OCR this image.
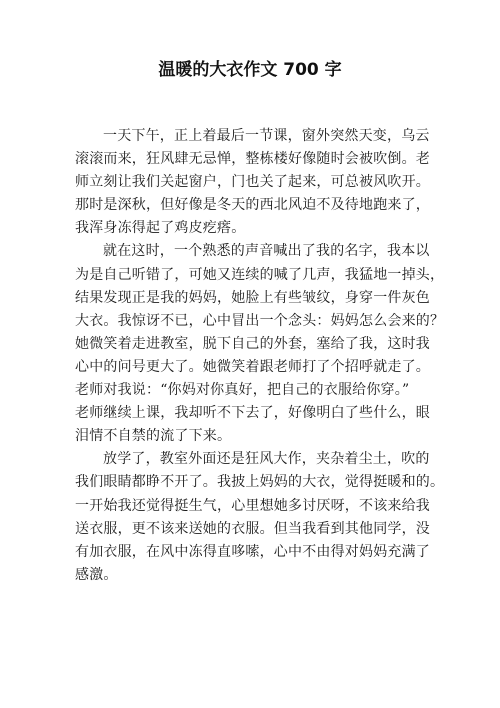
温暖的大衣作文 700 字
一天下午，正上着最后一节课，窗外突然天变，乌云
滚滚而来，狂风肆无忌惮，整栋楼好像随时会被吹倒。老
师立刻让我们关起窗户，门也关了起来，可总被风吹开。
那时是深秋，但好像是冬天的西北风迫不及待地跑来了，
我浑身冻得起了鸡皮疙瘩。
就在这时，一个熟悉的声音喊出了我的名字，我本以
为是自己听错了，可她又连续的喊了几声，我猛地一掉头，
结果发现正是我的妈妈，她脸上有些皱纹，身穿一件灰色
大衣。我惊讶不已，心中冒出一个念头：妈妈怎么会来的？
她微笑着走进教室，脱下自己的外套，塞给了我，这时我
心中的问号更大了。她微笑着跟老师打了个招呼就走了。
老师对我说：“你妈对你真好，把自己的衣服给你穿。”
老师继续上课，我却听不下去了，好像明白了些什么，眼
泪情不自禁的流了下来。
放学了，教室外面还是狂风大作，夹杂着尘土，吹的
我们眼睛都睁不开了。我披上妈妈的大衣，觉得挺暖和的。
一开始我还觉得挺生气，心里想她多讨厌呀，不该来给我
送衣服，更不该来送她的衣服。但当我看到其他同学，没
有加衣服，在风中冻得直哆嗦，心中不由得对妈妈充满了
感激。
